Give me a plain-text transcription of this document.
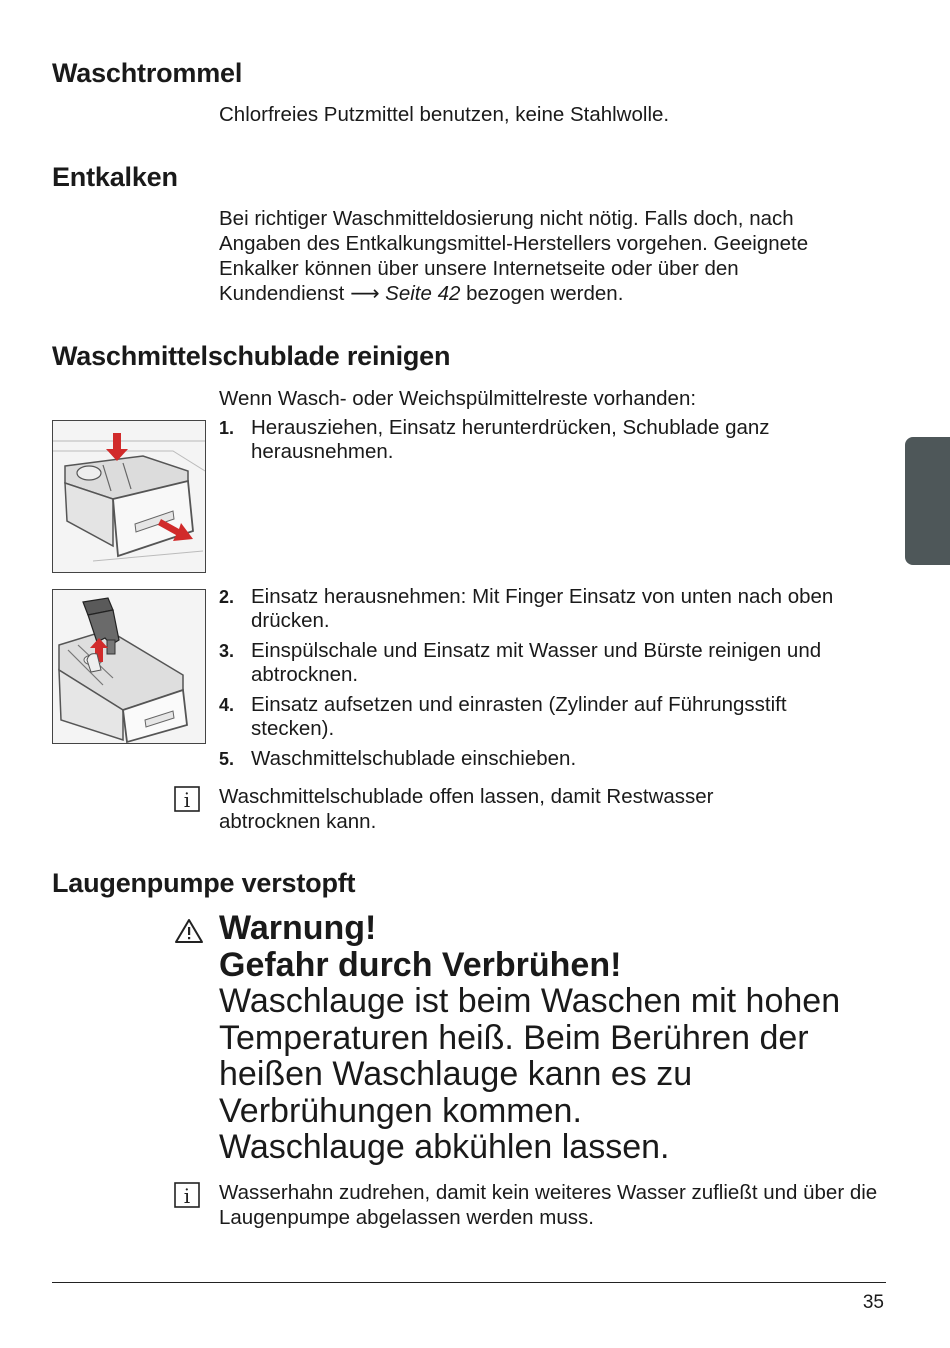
Waschtrommel

Chlorfreies Putzmittel benutzen, keine Stahlwolle.

Entkalken
Bei richtiger Waschmitteldosierung nicht nötig. Falls doch, nach
Angaben des Entkalkungsmittel-Herstellers vorgehen. Geeignete
Enkalker können über unsere Internetseite oder über den
Kundendienst ⟶ Seite 42 bezogen werden.
Waschmittelschublade reinigen

Wenn Wasch- oder Weichspülmittelreste vorhanden:

1. Herausziehen, Einsatz herunterdrücken, Schublade ganz herausnehmen.
2. Einsatz herausnehmen: Mit Finger Einsatz von unten nach oben drücken.
3. Einspülschale und Einsatz mit Wasser und Bürste reinigen und abtrocknen.
4. Einsatz aufsetzen und einrasten (Zylinder auf Führungsstift stecken).
5. Waschmittelschublade einschieben.
i Waschmittelschublade offen lassen, damit Restwasser abtrocknen kann.

Laugenpumpe verstopft
Warnung!
Gefahr durch Verbrühen!
Waschlauge ist beim Waschen mit hohen Temperaturen heiß. Beim Berühren der heißen Waschlauge kann es zu Verbrühungen kommen.
Waschlauge abkühlen lassen.
i Wasserhahn zudrehen, damit kein weiteres Wasser zufließt und über die Laugenpumpe abgelassen werden muss.

35
